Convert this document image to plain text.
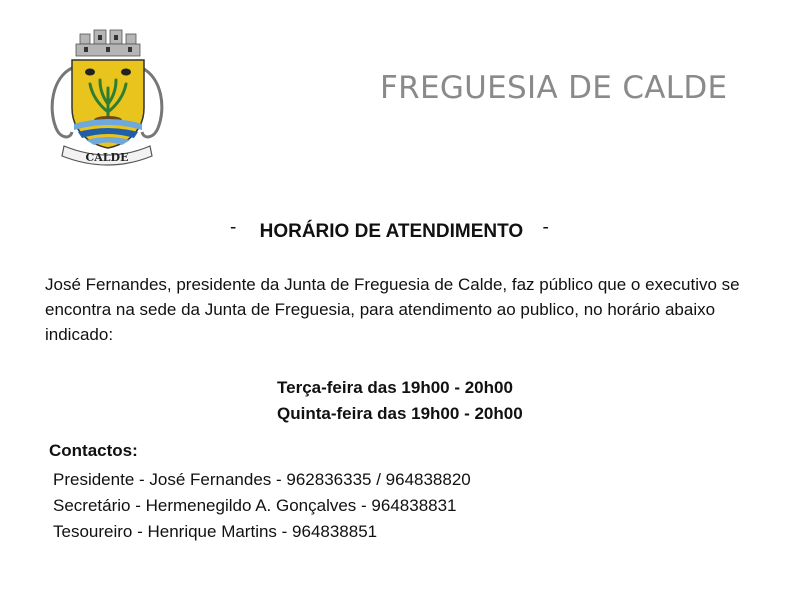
CALDE
FREGUESIA DE CALDE
- HORÁRIO DE ATENDIMENTO -

José Fernandes, presidente da Junta de Freguesia de Calde, faz público que o executivo se encontra na sede da Junta de Freguesia, para atendimento ao publico, no horário abaixo indicado:

Terça-feira das 19h00 - 20h00
Quinta-feira das 19h00 - 20h00
Contactos:
Presidente - José Fernandes - 962836335 / 964838820
Secretário - Hermenegildo A. Gonçalves - 964838831
Tesoureiro - Henrique Martins - 964838851
